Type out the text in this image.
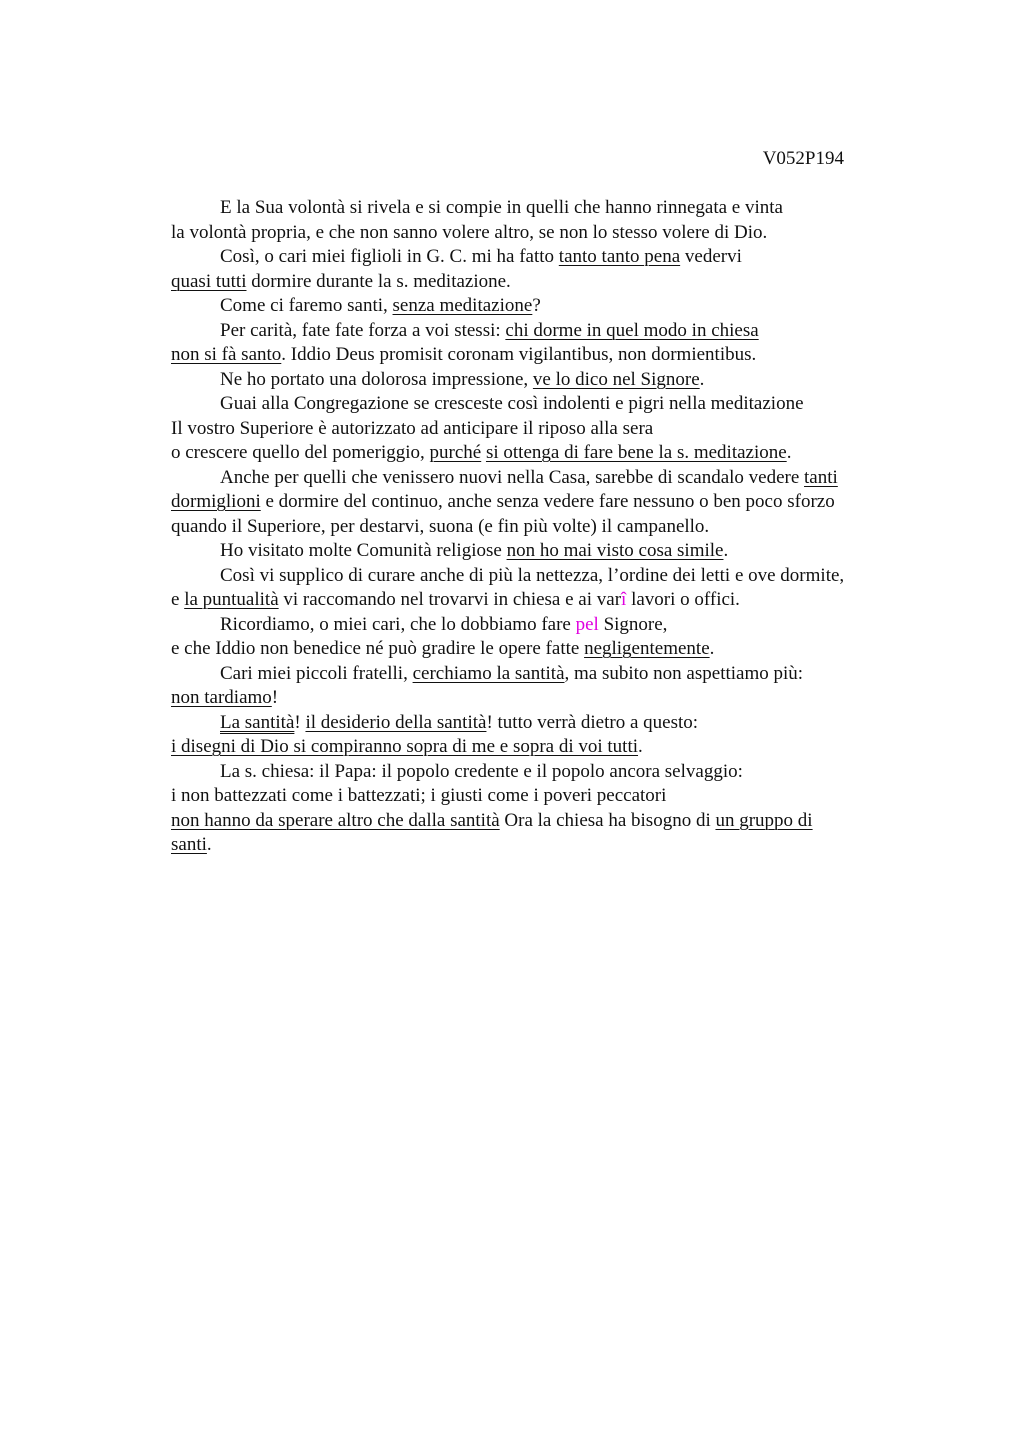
V052P194
E la Sua volontà si rivela e si compie in quelli che hanno rinnegata e vinta
la volontà propria, e che non sanno volere altro, se non lo stesso volere di Dio.
Così, o cari miei figlioli in G. C. mi ha fatto tanto tanto pena vedervi
quasi tutti dormire durante la s. meditazione.
Come ci faremo santi, senza meditazione?
Per carità, fate fate forza a voi stessi: chi dorme in quel modo in chiesa
non si fà santo. Iddio Deus promisit coronam vigilantibus, non dormientibus.
Ne ho portato una dolorosa impressione, ve lo dico nel Signore.
Guai alla Congregazione se cresceste così indolenti e pigri nella meditazione
Il vostro Superiore è autorizzato ad anticipare il riposo alla sera
o crescere quello del pomeriggio, purché si ottenga di fare bene la s. meditazione.
Anche per quelli che venissero nuovi nella Casa, sarebbe di scandalo vedere tanti
dormiglioni e dormire del continuo, anche senza vedere fare nessuno o ben poco sforzo
quando il Superiore, per destarvi, suona (e fin più volte) il campanello.
Ho visitato molte Comunità religiose non ho mai visto cosa simile.
Così vi supplico di curare anche di più la nettezza, l’ordine dei letti e ove dormite,
e la puntualità vi raccomando nel trovarvi in chiesa e ai varî lavori o offici.
Ricordiamo, o miei cari, che lo dobbiamo fare pel Signore,
e che Iddio non benedice né può gradire le opere fatte negligentemente.
Cari miei piccoli fratelli, cerchiamo la santità, ma subito non aspettiamo più:
non tardiamo!
La santità! il desiderio della santità! tutto verrà dietro a questo:
i disegni di Dio si compiranno sopra di me e sopra di voi tutti.
La s. chiesa: il Papa: il popolo credente e il popolo ancora selvaggio:
i non battezzati come i battezzati; i giusti come i poveri peccatori
non hanno da sperare altro che dalla santità Ora la chiesa ha bisogno di un gruppo di
santi.
